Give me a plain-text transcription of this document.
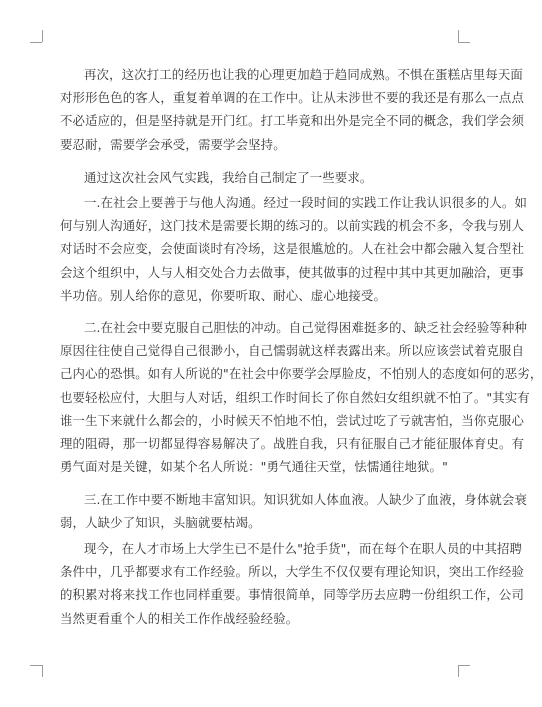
再次，这次打工的经历也让我的心理更加趋于趋同成熟。不惧在蛋糕店里每天面
对形形色色的客人，重复着单调的在工作中。让从未涉世不要的我还是有那么一点点
不必适应的，但是坚持就是开门红。打工毕竟和出外是完全不同的概念，我们学会须
要忍耐，需要学会承受，需要学会坚持。
通过这次社会风气实践，我给自己制定了一些要求。
一.在社会上要善于与他人沟通。经过一段时间的实践工作让我认识很多的人。如
何与别人沟通好，这门技术是需要长期的练习的。以前实践的机会不多，令我与别人
对话时不会应变，会使面谈时有冷场，这是很尴尬的。人在社会中都会融入复合型社
会这个组织中，人与人相交处合力去做事，使其做事的过程中其中其更加融洽，更事
半功倍。别人给你的意见，你要听取、耐心、虚心地接受。
二.在社会中要克服自己胆怯的冲动。自己觉得困难挺多的、缺乏社会经验等种种
原因往往使自己觉得自己很渺小，自己懦弱就这样表露出来。所以应该尝试着克服自
己内心的恐惧。如有人所说的"在社会中你要学会厚脸皮，不怕别人的态度如何的恶劣，
也要轻松应付，大胆与人对话，组织工作时间长了你自然妇女组织就不怕了。"其实有
谁一生下来就什么都会的，小时候天不怕地不怕，尝试过吃了亏就害怕，当你克服心
理的阻碍，那一切都显得容易解决了。战胜自我，只有征服自己才能征服体育史。有
勇气面对是关键，如某个名人所说："勇气通往天堂，怯懦通往地狱。"
三.在工作中要不断地丰富知识。知识犹如人体血液。人缺少了血液，身体就会衰
弱，人缺少了知识，头脑就要枯竭。
现今，在人才市场上大学生已不是什么"抢手货"，而在每个在职人员的中其招聘
条件中，几乎都要求有工作经验。所以，大学生不仅仅要有理论知识，突出工作经验
的积累对将来找工作也同样重要。事情很简单，同等学历去应聘一份组织工作，公司
当然更看重个人的相关工作作战经验经验。
